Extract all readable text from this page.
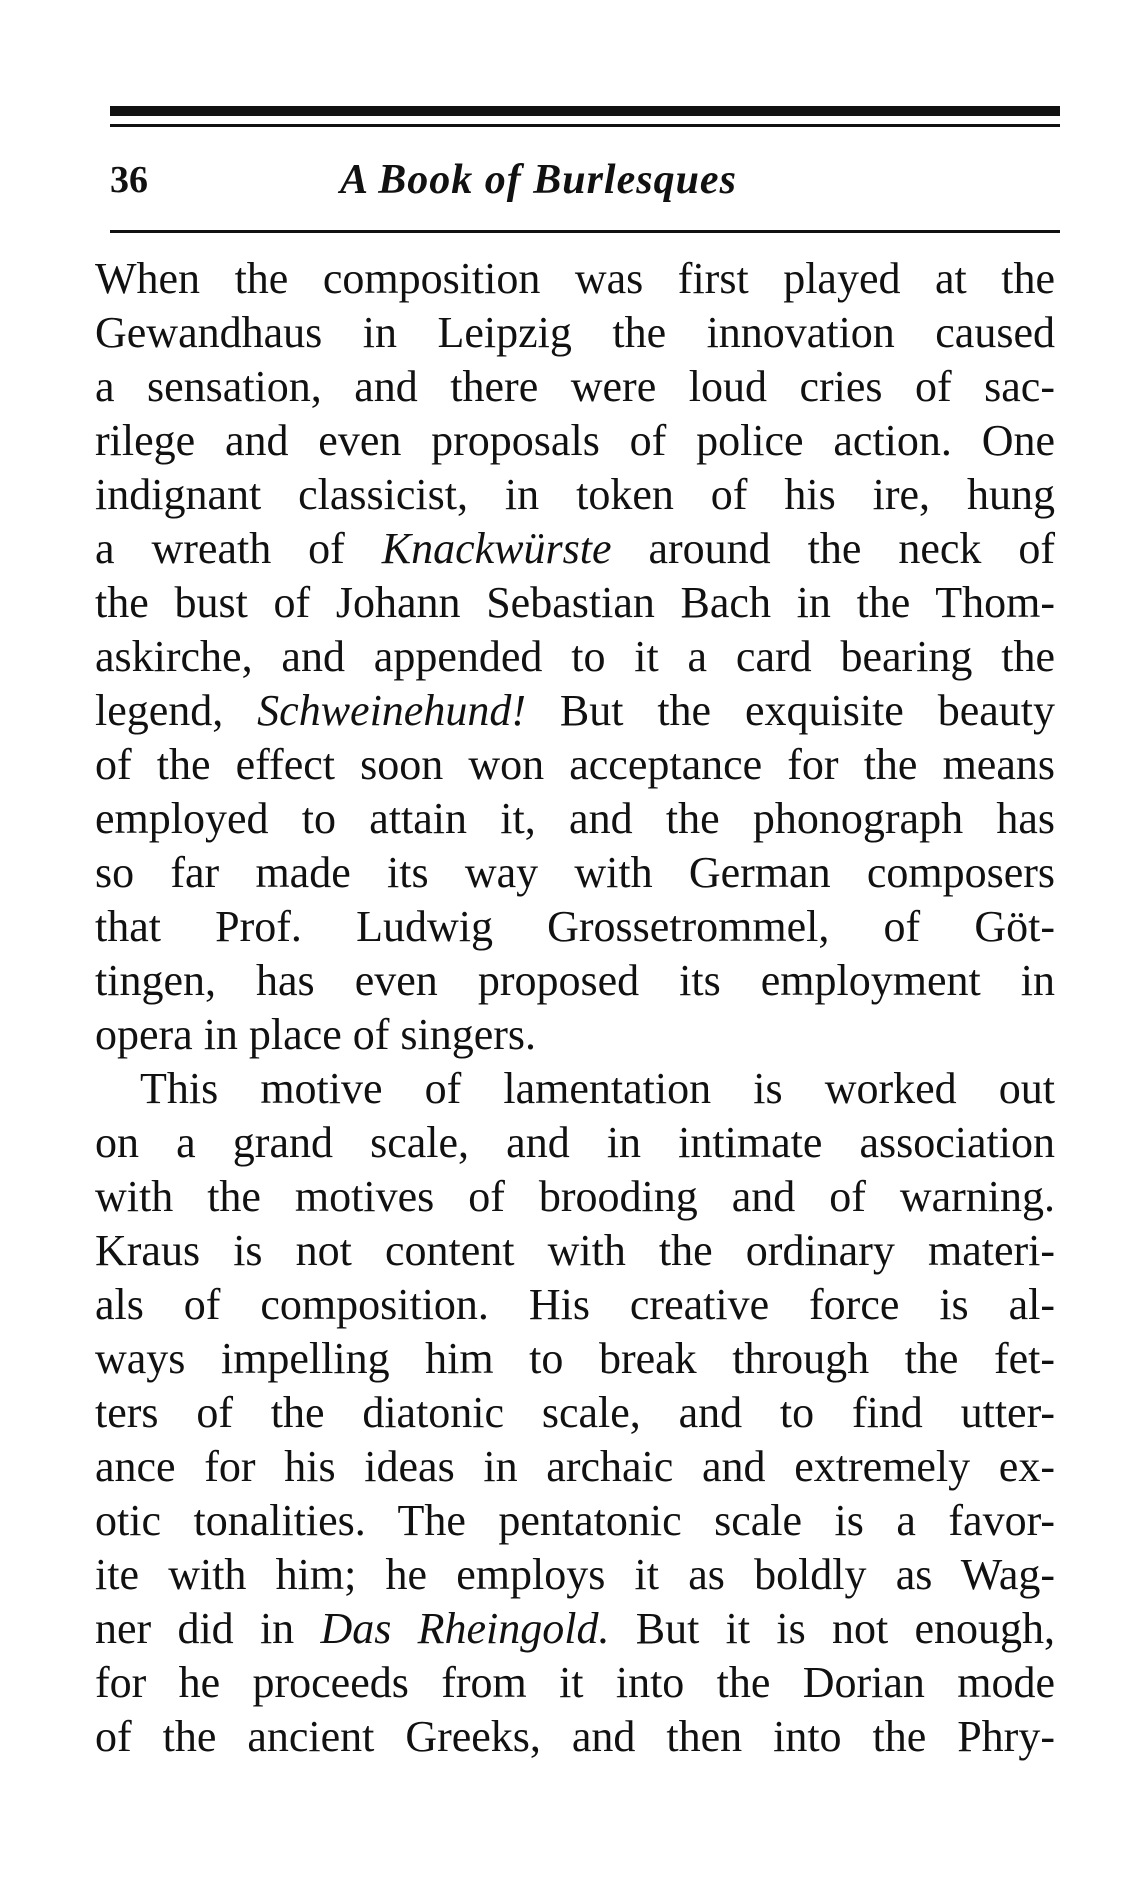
36	A Book of Burlesques
When the composition was first played at the
Gewandhaus in Leipzig the innovation caused
a sensation, and there were loud cries of sac-
rilege and even proposals of police action. One
indignant classicist, in token of his ire, hung
a wreath of Knackwürste around the neck of
the bust of Johann Sebastian Bach in the Thom-
askirche, and appended to it a card bearing the
legend, Schweinehund! But the exquisite beauty
of the effect soon won acceptance for the means
employed to attain it, and the phonograph has
so far made its way with German composers
that Prof. Ludwig Grossetrommel, of Göt-
tingen, has even proposed its employment in
opera in place of singers.
This motive of lamentation is worked out
on a grand scale, and in intimate association
with the motives of brooding and of warning.
Kraus is not content with the ordinary materi-
als of composition. His creative force is al-
ways impelling him to break through the fet-
ters of the diatonic scale, and to find utter-
ance for his ideas in archaic and extremely ex-
otic tonalities. The pentatonic scale is a favor-
ite with him; he employs it as boldly as Wag-
ner did in Das Rheingold. But it is not enough,
for he proceeds from it into the Dorian mode
of the ancient Greeks, and then into the Phry-
